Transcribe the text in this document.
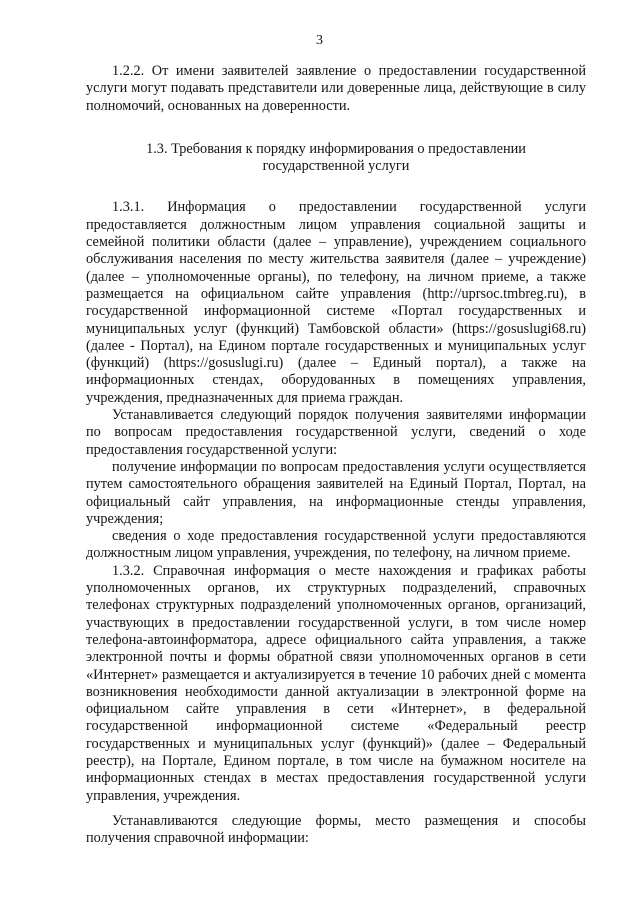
3

1.2.2. От имени заявителей заявление о предоставлении государственной услуги могут подавать представители или доверенные лица, действующие в силу полномочий, основанных на доверенности.

1.3. Требования к порядку информирования о предоставлении государственной услуги

1.3.1. Информация о предоставлении государственной услуги предоставляется должностным лицом управления социальной защиты и семейной политики области (далее – управление), учреждением социального обслуживания населения по месту жительства заявителя (далее – учреждение) (далее – уполномоченные органы), по телефону, на личном приеме, а также размещается на официальном сайте управления (http://uprsoc.tmbreg.ru), в государственной информационной системе «Портал государственных и муниципальных услуг (функций) Тамбовской области» (https://gosuslugi68.ru) (далее - Портал), на Едином портале государственных и муниципальных услуг (функций) (https://gosuslugi.ru) (далее – Единый портал), а также на информационных стендах, оборудованных в помещениях управления, учреждения, предназначенных для приема граждан.

Устанавливается следующий порядок получения заявителями информации по вопросам предоставления государственной услуги, сведений о ходе предоставления государственной услуги:

получение информации по вопросам предоставления услуги осуществляется путем самостоятельного обращения заявителей на Единый Портал, Портал, на официальный сайт управления, на информационные стенды управления, учреждения;

сведения о ходе предоставления государственной услуги предоставляются должностным лицом управления, учреждения, по телефону, на личном приеме.

1.3.2. Справочная информация о месте нахождения и графиках работы уполномоченных органов, их структурных подразделений, справочных телефонах структурных подразделений уполномоченных органов, организаций, участвующих в предоставлении государственной услуги, в том числе номер телефона-автоинформатора, адресе официального сайта управления, а также электронной почты и формы обратной связи уполномоченных органов в сети «Интернет» размещается и актуализируется в течение 10 рабочих дней с момента возникновения необходимости данной актуализации в электронной форме на официальном сайте управления в сети «Интернет», в федеральной государственной информационной системе «Федеральный реестр государственных и муниципальных услуг (функций)» (далее – Федеральный реестр), на Портале, Едином портале, в том числе на бумажном носителе на информационных стендах в местах предоставления государственной услуги управления, учреждения.

Устанавливаются следующие формы, место размещения и способы получения справочной информации:
